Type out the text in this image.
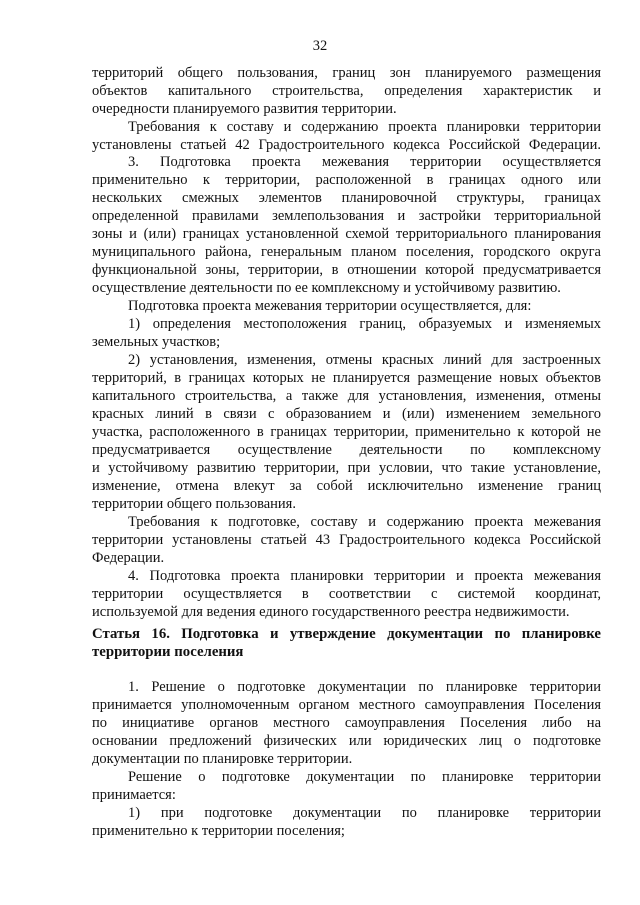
32
территорий общего пользования, границ зон планируемого размещения
объектов капитального строительства, определения характеристик и
очередности планируемого развития территории.
Требования к составу и содержанию проекта планировки территории
установлены статьей 42 Градостроительного кодекса Российской Федерации.
3. Подготовка проекта межевания территории осуществляется
применительно к территории, расположенной в границах одного или
нескольких смежных элементов планировочной структуры, границах
определенной правилами землепользования и застройки территориальной
зоны и (или) границах установленной схемой территориального планирования
муниципального района, генеральным планом поселения, городского округа
функциональной зоны, территории, в отношении которой предусматривается
осуществление деятельности по ее комплексному и устойчивому развитию.
Подготовка проекта межевания территории осуществляется, для:
1) определения местоположения границ, образуемых и изменяемых
земельных участков;
2) установления, изменения, отмены красных линий для застроенных
территорий, в границах которых не планируется размещение новых объектов
капитального строительства, а также для установления, изменения, отмены
красных линий в связи с образованием и (или) изменением земельного
участка, расположенного в границах территории, применительно к которой не
предусматривается осуществление деятельности по комплексному
и устойчивому развитию территории, при условии, что такие установление,
изменение, отмена влекут за собой исключительно изменение границ
территории общего пользования.
Требования к подготовке, составу и содержанию проекта межевания
территории установлены статьей 43 Градостроительного кодекса Российской
Федерации.
4. Подготовка проекта планировки территории и проекта межевания
территории осуществляется в соответствии с системой координат,
используемой для ведения единого государственного реестра недвижимости.
Статья 16. Подготовка и утверждение документации по планировке
территории поселения
1. Решение о подготовке документации по планировке территории
принимается уполномоченным органом местного самоуправления Поселения
по инициативе органов местного самоуправления Поселения либо на
основании предложений физических или юридических лиц о подготовке
документации по планировке территории.
Решение о подготовке документации по планировке территории
принимается:
1) при подготовке документации по планировке территории
применительно к территории поселения;
